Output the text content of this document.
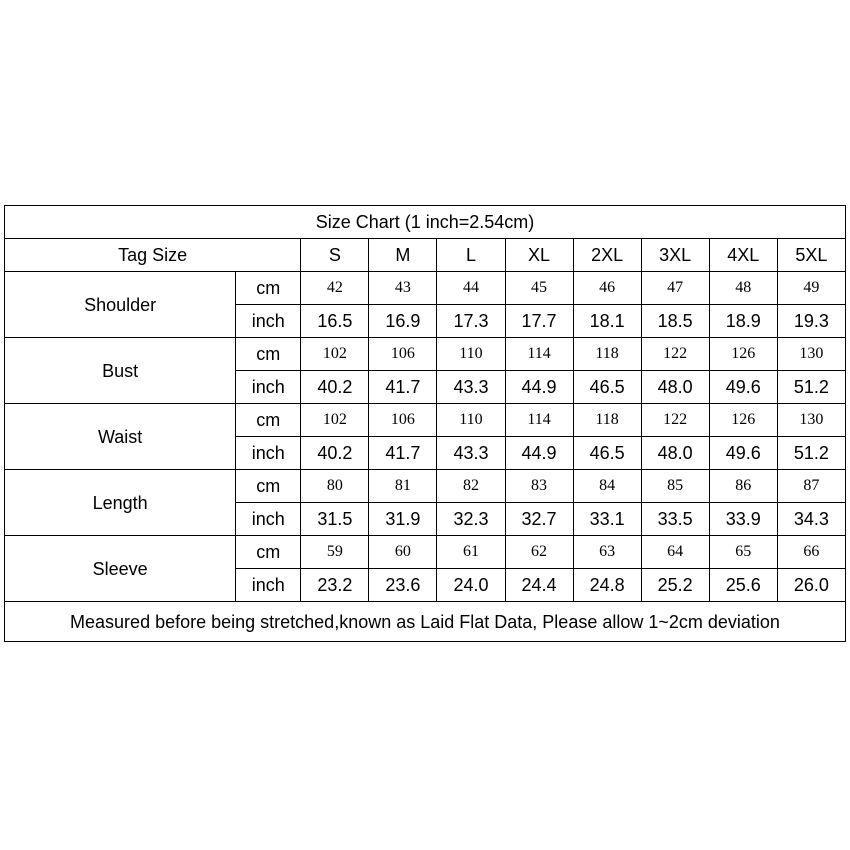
Size Chart (1 inch=2.54cm)									
Tag Size		S	M	L	XL	2XL	3XL	4XL	5XL
Shoulder	cm	42	43	44	45	46	47	48	49
	inch	16.5	16.9	17.3	17.7	18.1	18.5	18.9	19.3
Bust	cm	102	106	110	114	118	122	126	130
	inch	40.2	41.7	43.3	44.9	46.5	48.0	49.6	51.2
Waist	cm	102	106	110	114	118	122	126	130
	inch	40.2	41.7	43.3	44.9	46.5	48.0	49.6	51.2
Length	cm	80	81	82	83	84	85	86	87
	inch	31.5	31.9	32.3	32.7	33.1	33.5	33.9	34.3
Sleeve	cm	59	60	61	62	63	64	65	66
	inch	23.2	23.6	24.0	24.4	24.8	25.2	25.6	26.0
Measured before being stretched,known as Laid Flat Data, Please allow 1~2cm deviation									
